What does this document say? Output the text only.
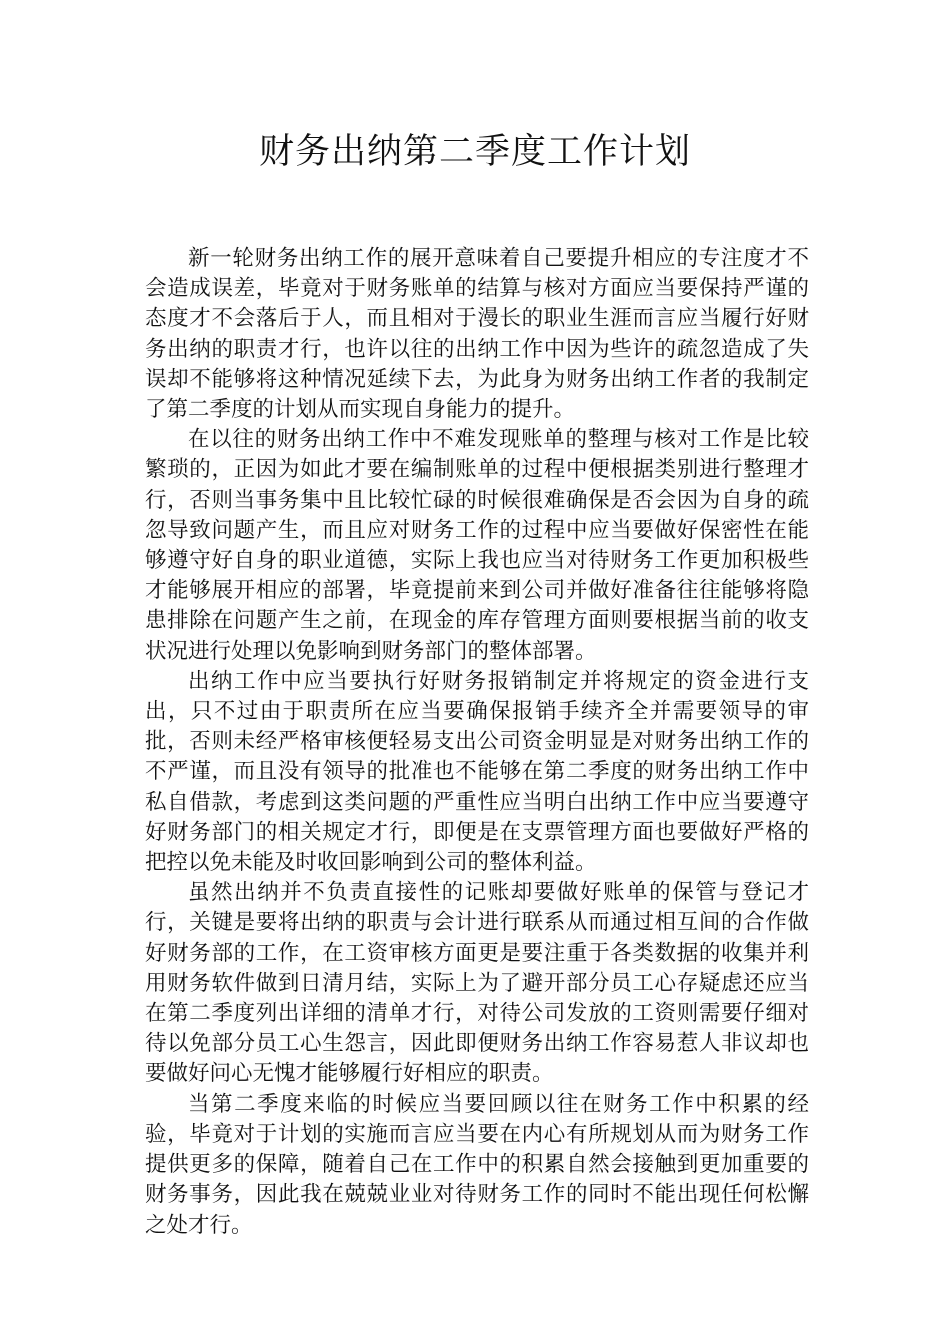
财务出纳第二季度工作计划

新一轮财务出纳工作的展开意味着自己要提升相应的专注度才不会造成误差，毕竟对于财务账单的结算与核对方面应当要保持严谨的态度才不会落后于人，而且相对于漫长的职业生涯而言应当履行好财务出纳的职责才行，也许以往的出纳工作中因为些许的疏忽造成了失误却不能够将这种情况延续下去，为此身为财务出纳工作者的我制定了第二季度的计划从而实现自身能力的提升。

在以往的财务出纳工作中不难发现账单的整理与核对工作是比较繁琐的，正因为如此才要在编制账单的过程中便根据类别进行整理才行，否则当事务集中且比较忙碌的时候很难确保是否会因为自身的疏忽导致问题产生，而且应对财务工作的过程中应当要做好保密性在能够遵守好自身的职业道德，实际上我也应当对待财务工作更加积极些才能够展开相应的部署，毕竟提前来到公司并做好准备往往能够将隐患排除在问题产生之前，在现金的库存管理方面则要根据当前的收支状况进行处理以免影响到财务部门的整体部署。

出纳工作中应当要执行好财务报销制定并将规定的资金进行支出，只不过由于职责所在应当要确保报销手续齐全并需要领导的审批，否则未经严格审核便轻易支出公司资金明显是对财务出纳工作的不严谨，而且没有领导的批准也不能够在第二季度的财务出纳工作中私自借款，考虑到这类问题的严重性应当明白出纳工作中应当要遵守好财务部门的相关规定才行，即便是在支票管理方面也要做好严格的把控以免未能及时收回影响到公司的整体利益。

虽然出纳并不负责直接性的记账却要做好账单的保管与登记才行，关键是要将出纳的职责与会计进行联系从而通过相互间的合作做好财务部的工作，在工资审核方面更是要注重于各类数据的收集并利用财务软件做到日清月结，实际上为了避开部分员工心存疑虑还应当在第二季度列出详细的清单才行，对待公司发放的工资则需要仔细对待以免部分员工心生怨言，因此即便财务出纳工作容易惹人非议却也要做好问心无愧才能够履行好相应的职责。

当第二季度来临的时候应当要回顾以往在财务工作中积累的经验，毕竟对于计划的实施而言应当要在内心有所规划从而为财务工作提供更多的保障，随着自己在工作中的积累自然会接触到更加重要的财务事务，因此我在兢兢业业对待财务工作的同时不能出现任何松懈之处才行。
